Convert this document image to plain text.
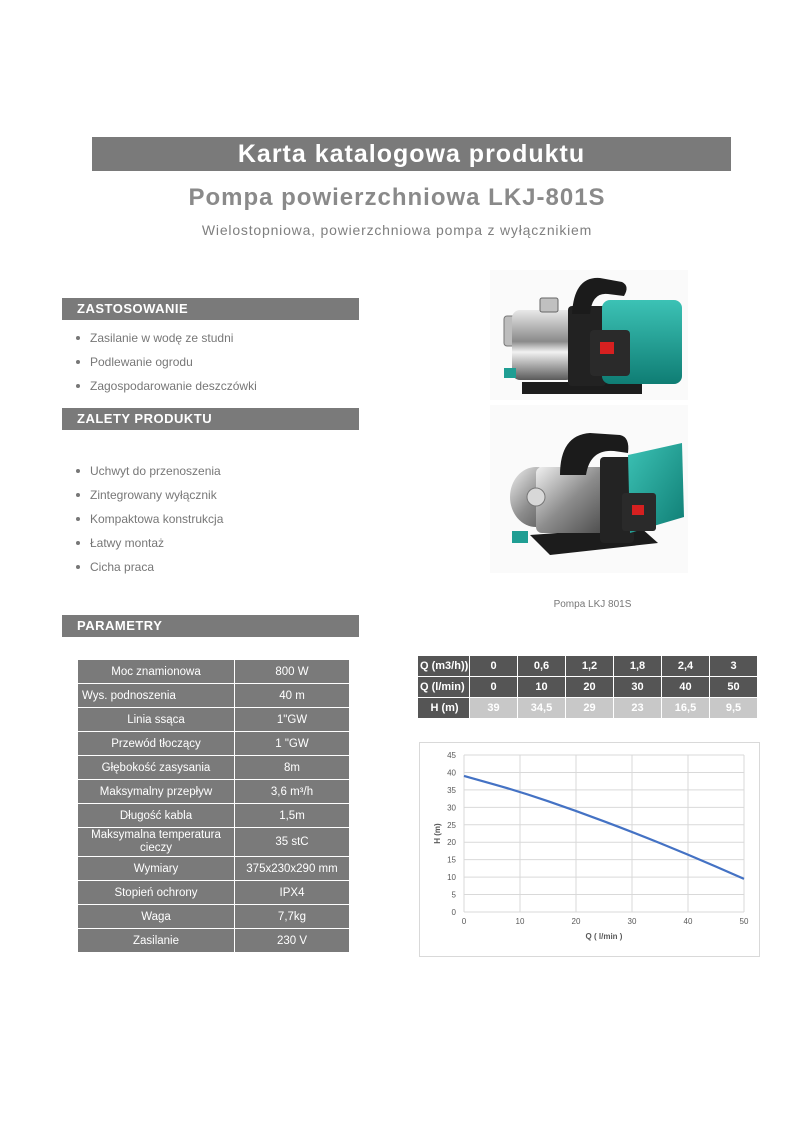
Karta katalogowa produktu
Pompa powierzchniowa LKJ-801S
Wielostopniowa, powierzchniowa pompa z wyłącznikiem
ZASTOSOWANIE
Zasilanie w wodę ze studni
Podlewanie ogrodu
Zagospodarowanie deszczówki
ZALETY PRODUKTU
Uchwyt do przenoszenia
Zintegrowany wyłącznik
Kompaktowa konstrukcja
Łatwy montaż
Cicha praca
PARAMETRY
Moc znamionowa	800 W
Wys. podnoszenia	40 m
Linia ssąca	1"GW
Przewód tłoczący	1 "GW
Głębokość zasysania	8m
Maksymalny przepływ	3,6 m³/h
Długość kabla	1,5m
Maksymalna temperatura cieczy	35 stC
Wymiary	375x230x290 mm
Stopień ochrony	IPX4
Waga	7,7kg
Zasilanie	230 V
Pompa LKJ 801S
Q (m3/h))	0	0,6	1,2	1,8	2,4	3
Q (l/min)	0	10	20	30	40	50
H (m)	39	34,5	29	23	16,5	9,5
0
5
10
15
20
25
30
35
40
45
0	10	20	30	40	50
Q ( l/min )
H (m)
